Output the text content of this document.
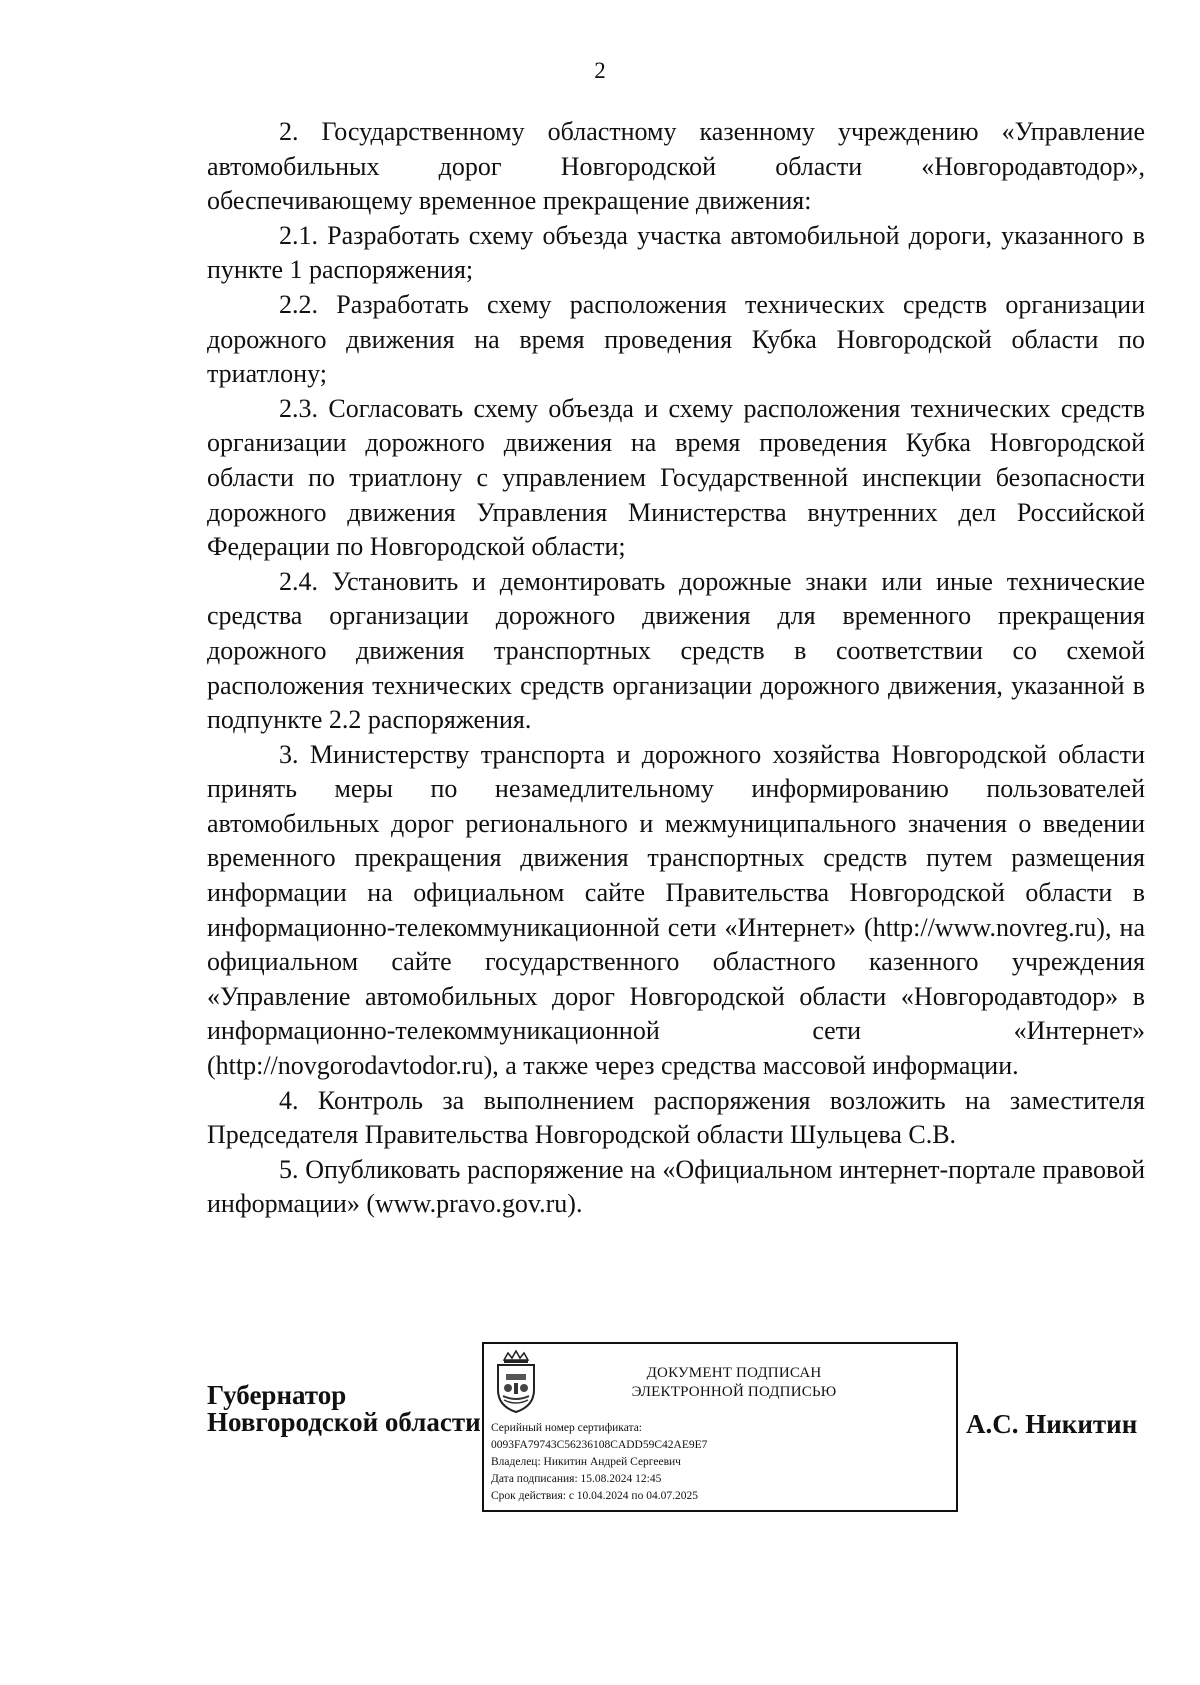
2

2. Государственному областному казенному учреждению «Управление автомобильных дорог Новгородской области «Новгородавтодор», обеспечивающему временное прекращение движения:

2.1. Разработать схему объезда участка автомобильной дороги, указанного в пункте 1 распоряжения;

2.2. Разработать схему расположения технических средств организации дорожного движения на время проведения Кубка Новгородской области по триатлону;

2.3. Согласовать схему объезда и схему расположения технических средств организации дорожного движения на время проведения Кубка Новгородской области по триатлону с управлением Государственной инспекции безопасности дорожного движения Управления Министерства внутренних дел Российской Федерации по Новгородской области;

2.4. Установить и демонтировать дорожные знаки или иные технические средства организации дорожного движения для временного прекращения дорожного движения транспортных средств в соответствии со схемой расположения технических средств организации дорожного движения, указанной в подпункте 2.2 распоряжения.

3. Министерству транспорта и дорожного хозяйства Новгородской области принять меры по незамедлительному информированию пользователей автомобильных дорог регионального и межмуниципального значения о введении временного прекращения движения транспортных средств путем размещения информации на официальном сайте Правительства Новгородской области в информационно-телекоммуникационной сети «Интернет» (http://www.novreg.ru), на официальном сайте государственного областного казенного учреждения «Управление автомобильных дорог Новгородской области «Новгородавтодор» в информационно-телекоммуникационной сети «Интернет» (http://novgorodavtodor.ru), а также через средства массовой информации.

4. Контроль за выполнением распоряжения возложить на заместителя Председателя Правительства Новгородской области Шульцева С.В.

5. Опубликовать распоряжение на «Официальном интернет-портале правовой информации» (www.pravo.gov.ru).

Губернатор
Новгородской области
ДОКУМЕНТ ПОДПИСАН
ЭЛЕКТРОННОЙ ПОДПИСЬЮ
Серийный номер сертификата:
0093FA79743C56236108CADD59C42AE9E7
Владелец: Никитин Андрей Сергеевич
Дата подписания: 15.08.2024 12:45
Срок действия: с 10.04.2024 по 04.07.2025
А.С. Никитин
